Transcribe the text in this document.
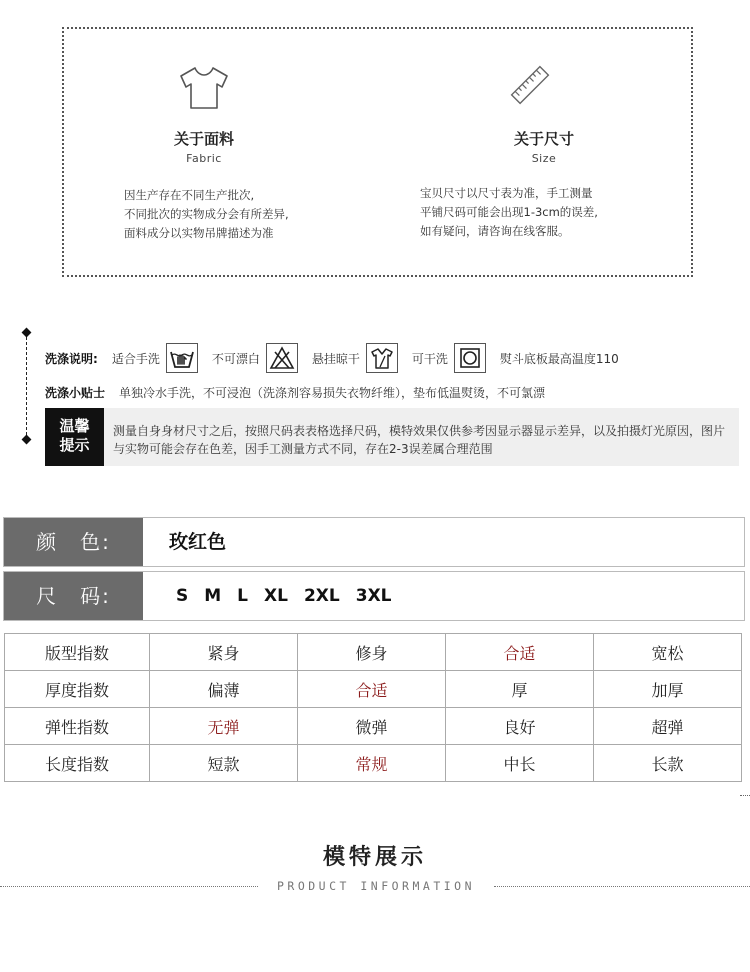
关于面料
Fabric
因生产存在不同生产批次,
不同批次的实物成分会有所差异,
面料成分以实物吊牌描述为准
关于尺寸
Size
宝贝尺寸以尺寸表为准，手工测量
平铺尺码可能会出现1-3cm的误差,
如有疑问，请咨询在线客服。
洗涤说明: 适合手洗	不可漂白	悬挂晾干	可干洗	熨斗底板最高温度110
洗涤小贴士 单独冷水手洗，不可浸泡（洗涤剂容易损失衣物纤维），垫布低温熨烫，不可氯漂
温馨
提示
测量自身身材尺寸之后，按照尺码表表格选择尺码，模特效果仅供参考因显示器显示差异，以及拍摄灯光原因，图片与实物可能会存在色差，因手工测量方式不同，存在2-3误差属合理范围
颜　色:	玫红色
尺　码:	S M L XL 2XL 3XL
版型指数	紧身	修身	合适	宽松
厚度指数	偏薄	合适	厚	加厚
弹性指数	无弹	微弹	良好	超弹
长度指数	短款	常规	中长	长款
模特展示
PRODUCT INFORMATION
